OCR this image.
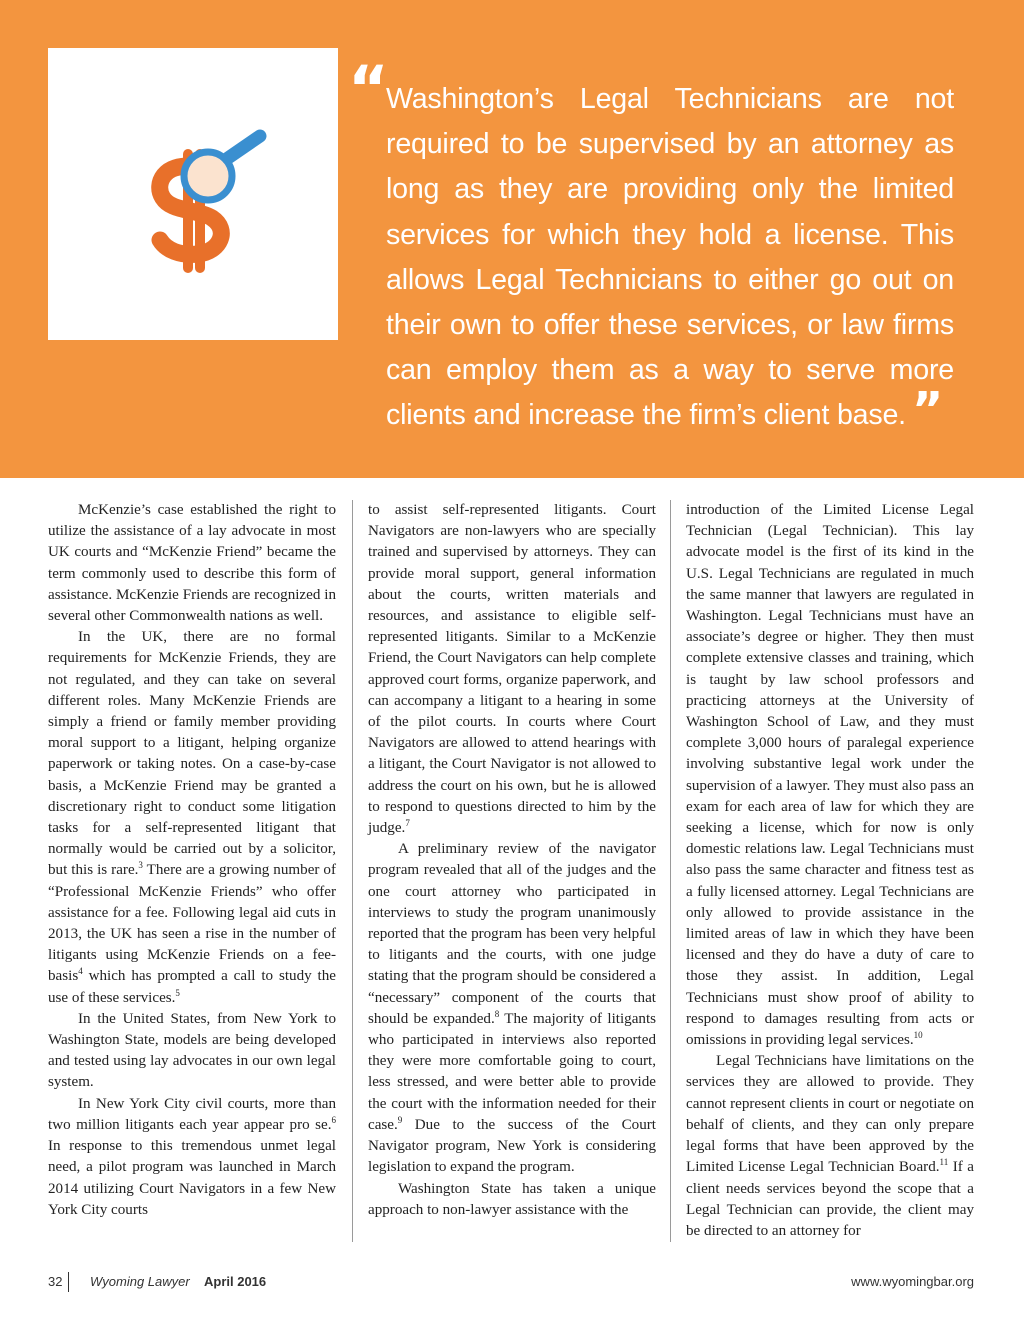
“
Washington’s Legal Technicians are not required to be supervised by an attorney as long as they are providing only the limited services for which they hold a license. This allows Legal Technicians to either go out on their own to offer these services, or law firms can employ them as a way to serve more clients and increase the firm’s client base. ”

McKenzie’s case established the right to utilize the assistance of a lay advocate in most UK courts and “McKenzie Friend” became the term commonly used to describe this form of assistance. McKenzie Friends are recognized in several other Commonwealth nations as well.

In the UK, there are no formal requirements for McKenzie Friends, they are not regulated, and they can take on several different roles. Many McKenzie Friends are simply a friend or family member providing moral support to a litigant, helping organize paperwork or taking notes. On a case-by-case basis, a McKenzie Friend may be granted a discretionary right to conduct some litigation tasks for a self-represented litigant that normally would be carried out by a solicitor, but this is rare.$^3$ There are a growing number of “Professional McKenzie Friends” who offer assistance for a fee. Following legal aid cuts in 2013, the UK has seen a rise in the number of litigants using McKenzie Friends on a fee-basis$^4$ which has prompted a call to study the use of these services.$^5$

In the United States, from New York to Washington State, models are being developed and tested using lay advocates in our own legal system.

In New York City civil courts, more than two million litigants each year appear pro se.$^6$ In response to this tremendous unmet legal need, a pilot program was launched in March 2014 utilizing Court Navigators in a few New York City courts

to assist self-represented litigants. Court Navigators are non-lawyers who are specially trained and supervised by attorneys. They can provide moral support, general information about the courts, written materials and resources, and assistance to eligible self-represented litigants. Similar to a McKenzie Friend, the Court Navigators can help complete approved court forms, organize paperwork, and can accompany a litigant to a hearing in some of the pilot courts. In courts where Court Navigators are allowed to attend hearings with a litigant, the Court Navigator is not allowed to address the court on his own, but he is allowed to respond to questions directed to him by the judge.$^7$

A preliminary review of the navigator program revealed that all of the judges and the one court attorney who participated in interviews to study the program unanimously reported that the program has been very helpful to litigants and the courts, with one judge stating that the program should be considered a “necessary” component of the courts that should be expanded.$^8$ The majority of litigants who participated in interviews also reported they were more comfortable going to court, less stressed, and were better able to provide the court with the information needed for their case.$^9$ Due to the success of the Court Navigator program, New York is considering legislation to expand the program.

Washington State has taken a unique approach to non-lawyer assistance with the

introduction of the Limited License Legal Technician (Legal Technician). This lay advocate model is the first of its kind in the U.S. Legal Technicians are regulated in much the same manner that lawyers are regulated in Washington. Legal Technicians must have an associate’s degree or higher. They then must complete extensive classes and training, which is taught by law school professors and practicing attorneys at the University of Washington School of Law, and they must complete 3,000 hours of paralegal experience involving substantive legal work under the supervision of a lawyer. They must also pass an exam for each area of law for which they are seeking a license, which for now is only domestic relations law. Legal Technicians must also pass the same character and fitness test as a fully licensed attorney. Legal Technicians are only allowed to provide assistance in the limited areas of law in which they have been licensed and they do have a duty of care to those they assist. In addition, Legal Technicians must show proof of ability to respond to damages resulting from acts or omissions in providing legal services.$^{10}$

Legal Technicians have limitations on the services they are allowed to provide. They cannot represent clients in court or negotiate on behalf of clients, and they can only prepare legal forms that have been approved by the Limited License Legal Technician Board.$^{11}$ If a client needs services beyond the scope that a Legal Technician can provide, the client may be directed to an attorney for

32 Wyoming Lawyer April 2016	www.wyomingbar.org
